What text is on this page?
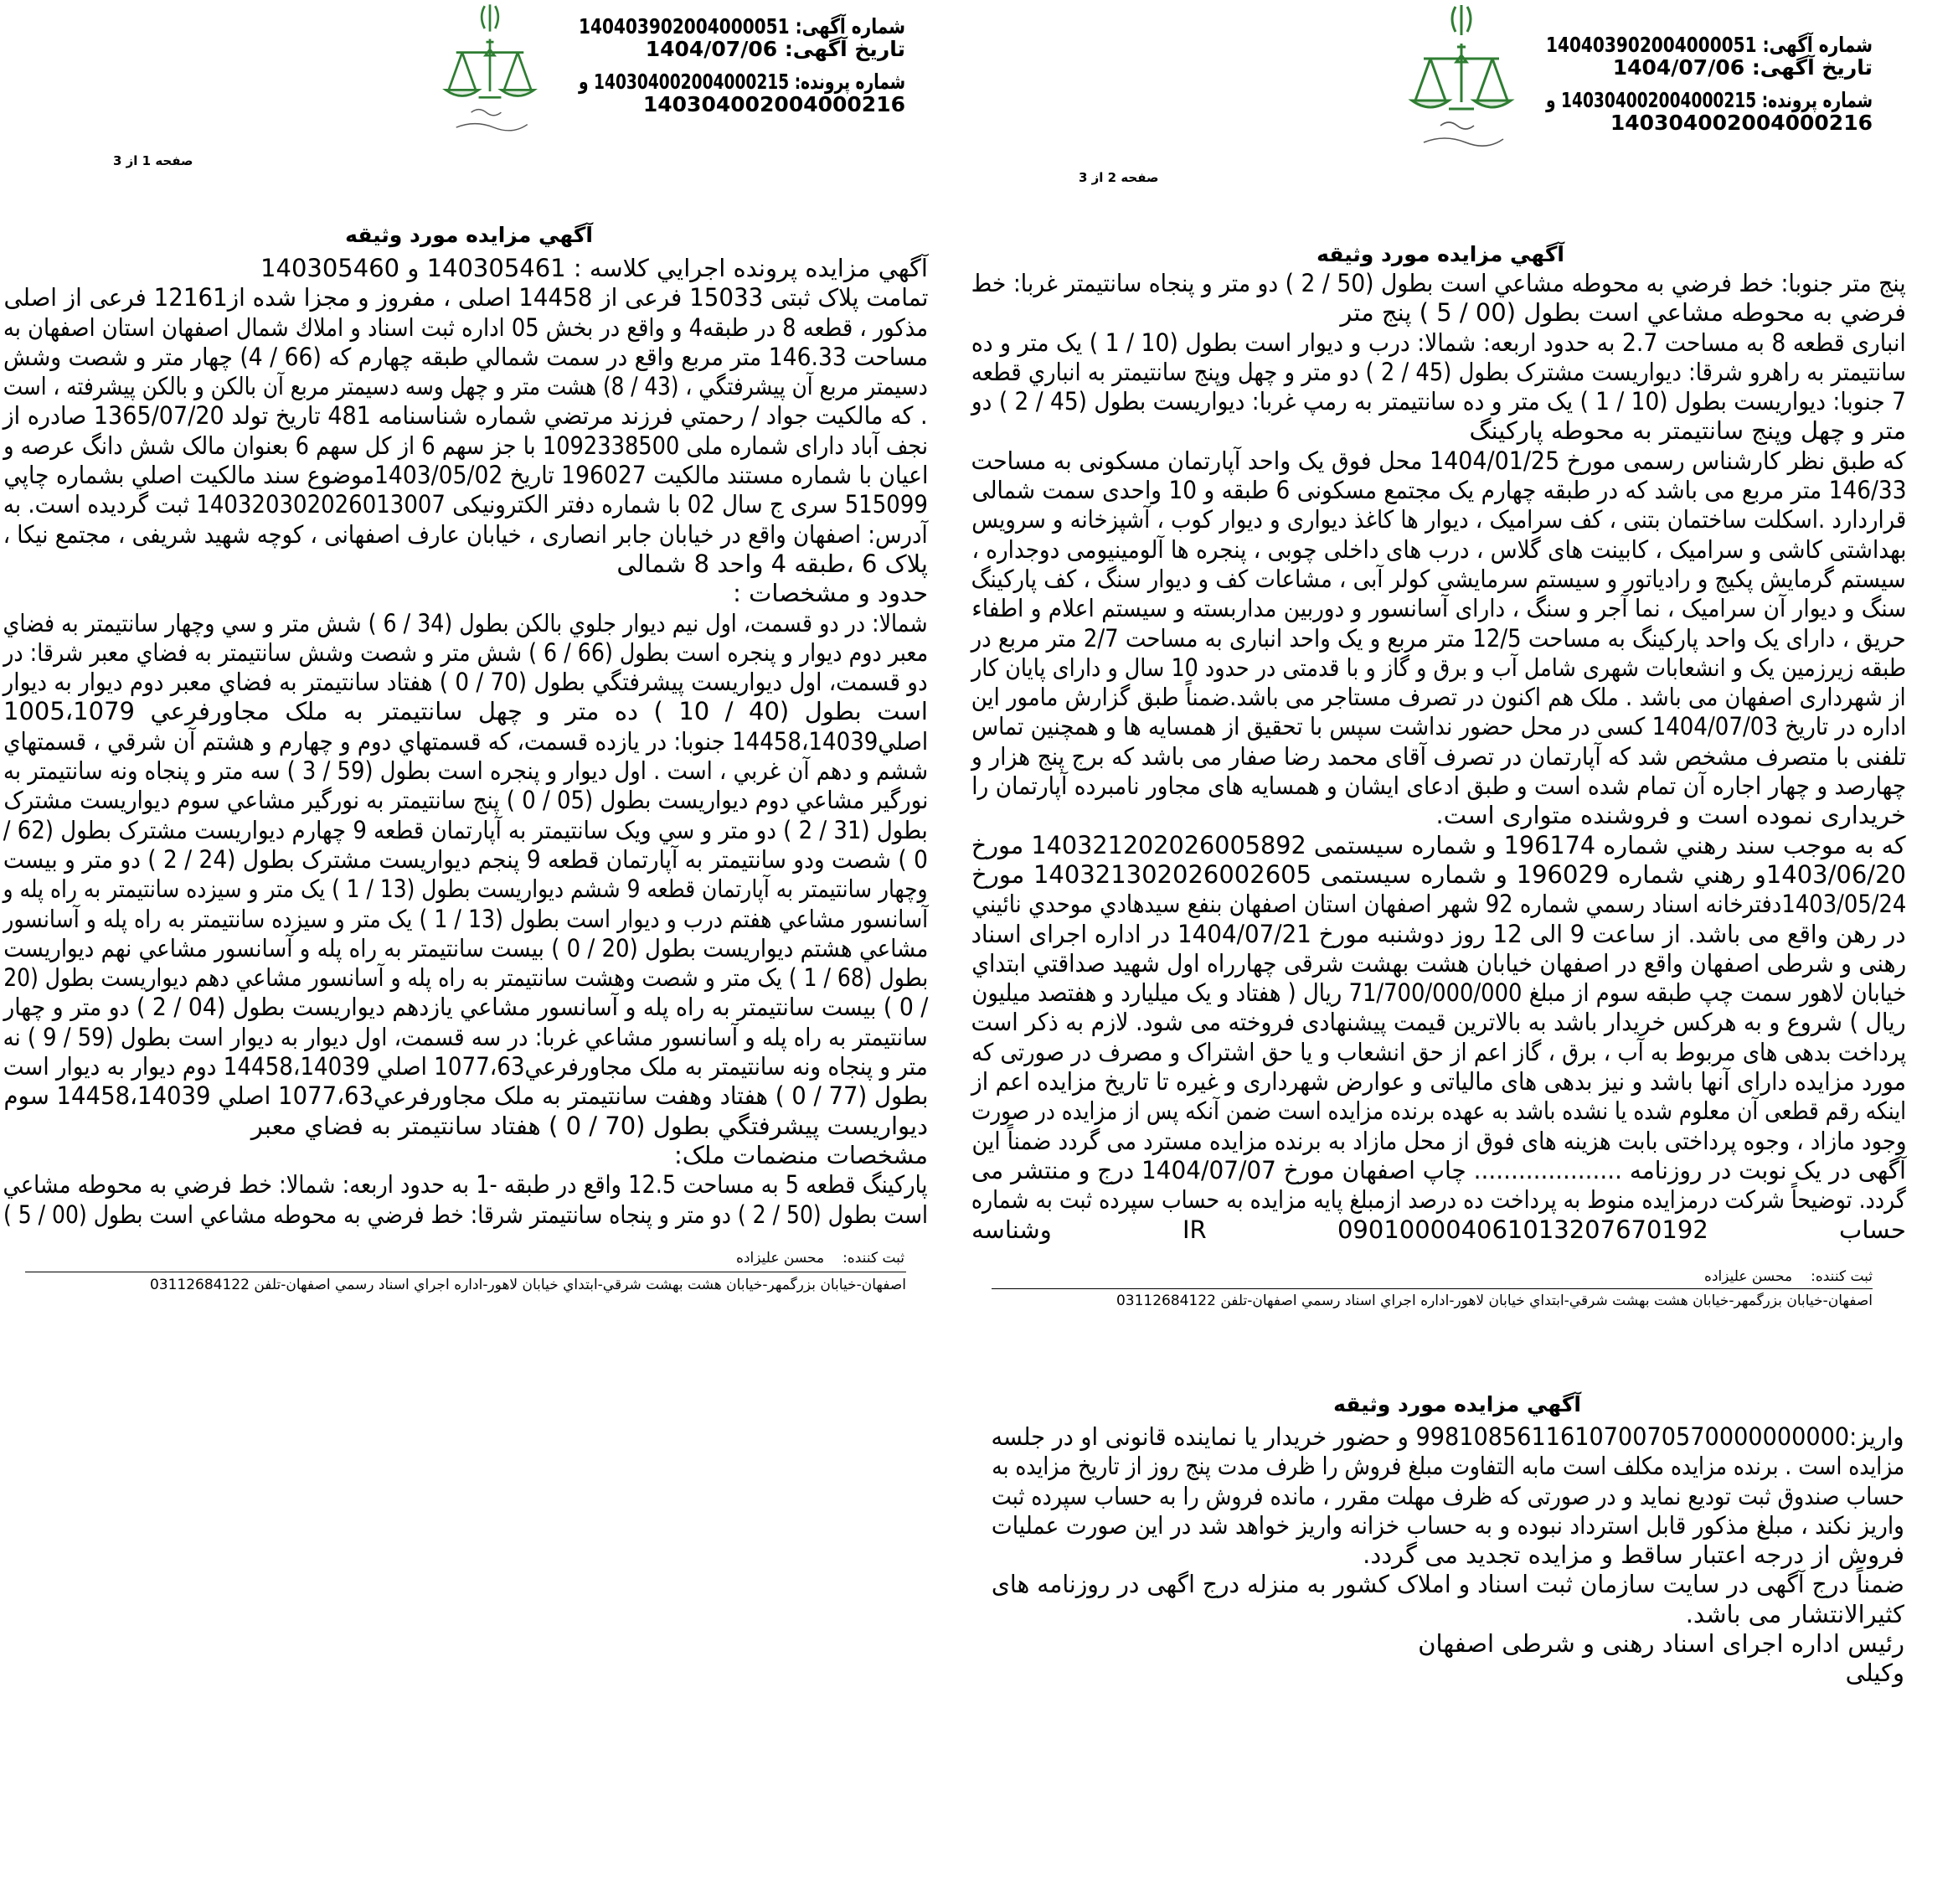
شماره آگهی: 140403902004000051
تاریخ آگهی: 1404/07/06
شماره پرونده: 140304002004000215 و
140304002004000216
صفحه 1 از 3
آگهي مزايده مورد وثيقه
آگهي مزايده پرونده اجرايي کلاسه : 140305461 و 140305460
تمامت پلاک ثبتی 15033 فرعی از 14458 اصلی ، مفروز و مجزا شده از12161 فرعی از اصلی
مذکور ، قطعه 8 در طبقه4 و واقع در بخش 05 اداره ثبت اسناد و املاك شمال اصفهان استان اصفهان به
مساحت 146.33 متر مربع واقع در سمت شمالي طبقه چهارم كه (66 / 4) چهار متر و شصت وشش
دسيمتر مربع آن پيشرفتگي ، (43 / 8) هشت متر و چهل وسه دسيمتر مربع آن بالكن و بالكن پيشرفته ، است
. که مالکیت جواد / رحمتي فرزند مرتضي شماره شناسنامه 481 تاریخ تولد 1365/07/20 صادره از
نجف آباد دارای شماره ملی 1092338500 با جز سهم 6 از کل سهم 6 بعنوان مالک شش دانگ عرصه و
اعيان با شماره مستند مالکيت 196027 تاريخ 1403/05/02موضوع سند مالکيت اصلي بشماره چاپي
515099 سری ج سال 02 با شماره دفتر الکترونیکی 140320302026013007 ثبت گردیده است. به
آدرس: اصفهان واقع در خیابان جابر انصاری ، خیابان عارف اصفهانی ، کوچه شهید شریفی ، مجتمع نیکا ،
پلاک 6 ،طبقه 4 واحد 8 شمالی
حدود و مشخصات :
شمالا: در دو قسمت، اول نيم ديوار جلوي بالکن بطول (34 / 6 ) شش متر و سي وچهار سانتيمتر به فضاي
معبر دوم ديوار و پنجره است بطول (66 / 6 ) شش متر و شصت وشش سانتيمتر به فضاي معبر شرقا: در
دو قسمت، اول ديواريست پيشرفتگي بطول (70 / 0 ) هفتاد سانتيمتر به فضاي معبر دوم ديوار به ديوار
است بطول (40 / 10 ) ده متر و چهل سانتيمتر به ملک مجاورفرعي 1005،1079
اصلي14458،14039 جنوبا: در يازده قسمت، که قسمتهاي دوم و چهارم و هشتم آن شرقي ، قسمتهاي
ششم و دهم آن غربي ، است . اول ديوار و پنجره است بطول (59 / 3 ) سه متر و پنجاه ونه سانتيمتر به
نورگير مشاعي دوم ديواريست بطول (05 / 0 ) پنج سانتيمتر به نورگير مشاعي سوم ديواريست مشترک
بطول (31 / 2 ) دو متر و سي ويک سانتيمتر به آپارتمان قطعه 9 چهارم ديواريست مشترک بطول (62 /
0 ) شصت ودو سانتيمتر به آپارتمان قطعه 9 پنجم ديواريست مشترک بطول (24 / 2 ) دو متر و بيست
وچهار سانتيمتر به آپارتمان قطعه 9 ششم ديواريست بطول (13 / 1 ) يک متر و سيزده سانتيمتر به راه پله و
آسانسور مشاعي هفتم درب و ديوار است بطول (13 / 1 ) يک متر و سيزده سانتيمتر به راه پله و آسانسور
مشاعي هشتم ديواريست بطول (20 / 0 ) بيست سانتيمتر به راه پله و آسانسور مشاعي نهم ديواريست
بطول (68 / 1 ) يک متر و شصت وهشت سانتيمتر به راه پله و آسانسور مشاعي دهم ديواريست بطول (20
/ 0 ) بيست سانتيمتر به راه پله و آسانسور مشاعي يازدهم ديواريست بطول (04 / 2 ) دو متر و چهار
سانتيمتر به راه پله و آسانسور مشاعي غربا: در سه قسمت، اول ديوار به ديوار است بطول (59 / 9 ) نه
متر و پنجاه ونه سانتيمتر به ملک مجاورفرعي1077،63 اصلي 14458،14039 دوم ديوار به ديوار است
بطول (77 / 0 ) هفتاد وهفت سانتيمتر به ملک مجاورفرعي1077،63 اصلي 14458،14039 سوم
ديواريست پيشرفتگي بطول (70 / 0 ) هفتاد سانتيمتر به فضاي معبر
مشخصات منضمات ملک:
پارکینگ قطعه 5 به مساحت 12.5 واقع در طبقه -1 به حدود اربعه: شمالا: خط فرضي به محوطه مشاعي
است بطول (50 / 2 ) دو متر و پنجاه سانتيمتر شرقا: خط فرضي به محوطه مشاعي است بطول (00 / 5 )
ثبت کننده:محسن علیزاده
اصفهان-خيابان بزرگمهر-خيابان هشت بهشت شرقي-ابتداي خيابان لاهور-اداره اجراي اسناد رسمي اصفهان-تلفن 03112684122
شماره آگهی: 140403902004000051
تاریخ آگهی: 1404/07/06
شماره پرونده: 140304002004000215 و
140304002004000216
صفحه 2 از 3
آگهي مزايده مورد وثيقه
پنج متر جنوبا: خط فرضي به محوطه مشاعي است بطول (50 / 2 ) دو متر و پنجاه سانتيمتر غربا: خط
فرضي به محوطه مشاعي است بطول (00 / 5 ) پنج متر
انباری قطعه 8 به مساحت 2.7 به حدود اربعه: شمالا: درب و دیوار است بطول (10 / 1 ) یک متر و ده
سانتيمتر به راهرو شرقا: ديواريست مشترک بطول (45 / 2 ) دو متر و چهل وپنج سانتيمتر به انباري قطعه
7 جنوبا: ديواريست بطول (10 / 1 ) يک متر و ده سانتيمتر به رمپ غربا: ديواريست بطول (45 / 2 ) دو
متر و چهل وپنج سانتيمتر به محوطه پارکينگ
که طبق نظر کارشناس رسمی مورخ 1404/01/25 محل فوق یک واحد آپارتمان مسکونی به مساحت
146/33 متر مربع می باشد که در طبقه چهارم یک مجتمع مسکونی 6 طبقه و 10 واحدی سمت شمالی
قراردارد .اسکلت ساختمان بتنی ، کف سرامیک ، دیوار ها کاغذ دیواری و دیوار کوب ، آشپزخانه و سرویس
بهداشتی کاشی و سرامیک ، کابینت های گلاس ، درب های داخلی چوبی ، پنجره ها آلومینیومی دوجداره ،
سیستم گرمایش پکیج و رادیاتور و سیستم سرمایشی کولر آبی ، مشاعات کف و دیوار سنگ ، کف پارکینگ
سنگ و دیوار آن سرامیک ، نما آجر و سنگ ، دارای آسانسور و دوربین مداربسته و سیستم اعلام و اطفاء
حریق ، دارای یک واحد پارکینگ به مساحت 12/5 متر مربع و یک واحد انباری به مساحت 2/7 متر مربع در
طبقه زیرزمین یک و انشعابات شهری شامل آب و برق و گاز و با قدمتی در حدود 10 سال و دارای پایان کار
از شهرداری اصفهان می باشد . ملک هم اکنون در تصرف مستاجر می باشد.ضمناً طبق گزارش مامور این
اداره در تاریخ 1404/07/03 کسی در محل حضور نداشت سپس با تحقیق از همسایه ها و همچنین تماس
تلفنی با متصرف مشخص شد که آپارتمان در تصرف آقای محمد رضا صفار می باشد که برج پنج هزار و
چهارصد و چهار اجاره آن تمام شده است و طبق ادعای ایشان و همسایه های مجاور نامبرده آپارتمان را
خریداری نموده است و فروشنده متواری است.
که به موجب سند رهني شماره 196174 و شماره سيستمی 140321202026005892 مورخ
1403/06/20و رهني شماره 196029 و شماره سيستمی 140321302026002605 مورخ
1403/05/24دفترخانه اسناد رسمي شماره 92 شهر اصفهان استان اصفهان بنفع سيدهادي موحدي نائيني
در رهن واقع می باشد. از ساعت 9 الی 12 روز دوشنبه مورخ 1404/07/21 در اداره اجرای اسناد
رهنی و شرطی اصفهان واقع در اصفهان خیابان هشت بهشت شرقی چهارراه اول شهید صداقتي ابتداي
خیابان لاهور سمت چپ طبقه سوم از مبلغ 71/700/000/000 ریال ( هفتاد و یک میلیارد و هفتصد میلیون
ریال ) شروع و به هرکس خریدار باشد به بالاترین قیمت پیشنهادی فروخته می شود. لازم به ذکر است
پرداخت بدهی های مربوط به آب ، برق ، گاز اعم از حق انشعاب و یا حق اشتراک و مصرف در صورتی که
مورد مزایده دارای آنها باشد و نیز بدهی های مالیاتی و عوارض شهرداری و غیره تا تاریخ مزایده اعم از
اینکه رقم قطعی آن معلوم شده یا نشده باشد به عهده برنده مزایده است ضمن آنکه پس از مزایده در صورت
وجود مازاد ، وجوه پرداختی بابت هزینه های فوق از محل مازاد به برنده مزایده مسترد می گردد ضمناً این
آگهی در یک نوبت در روزنامه .................... چاپ اصفهان مورخ 1404/07/07 درج و منتشر می
گردد. توضیحاً شرکت درمزایده منوط به پرداخت ده درصد ازمبلغ پایه مزایده به حساب سپرده ثبت به شماره
حساب IR 090100004061013207670192 وشناسه
ثبت کننده:محسن علیزاده
اصفهان-خيابان بزرگمهر-خيابان هشت بهشت شرقي-ابتداي خيابان لاهور-اداره اجراي اسناد رسمي اصفهان-تلفن 03112684122
آگهي مزايده مورد وثيقه
واریز:998108561161070070570000000000 و حضور خریدار یا نماینده قانونی او در جلسه
مزایده است . برنده مزایده مکلف است مابه التفاوت مبلغ فروش را ظرف مدت پنج روز از تاریخ مزایده به
حساب صندوق ثبت تودیع نماید و در صورتی که ظرف مهلت مقرر ، مانده فروش را به حساب سپرده ثبت
واریز نکند ، مبلغ مذکور قابل استرداد نبوده و به حساب خزانه واریز خواهد شد در این صورت عملیات
فروش از درجه اعتبار ساقط و مزایده تجدید می گردد.
ضمناً درج آگهی در سایت سازمان ثبت اسناد و املاک کشور به منزله درج اگهی در روزنامه های
کثیرالانتشار می باشد.
رئیس اداره اجرای اسناد رهنی و شرطی اصفهان
وکیلی
